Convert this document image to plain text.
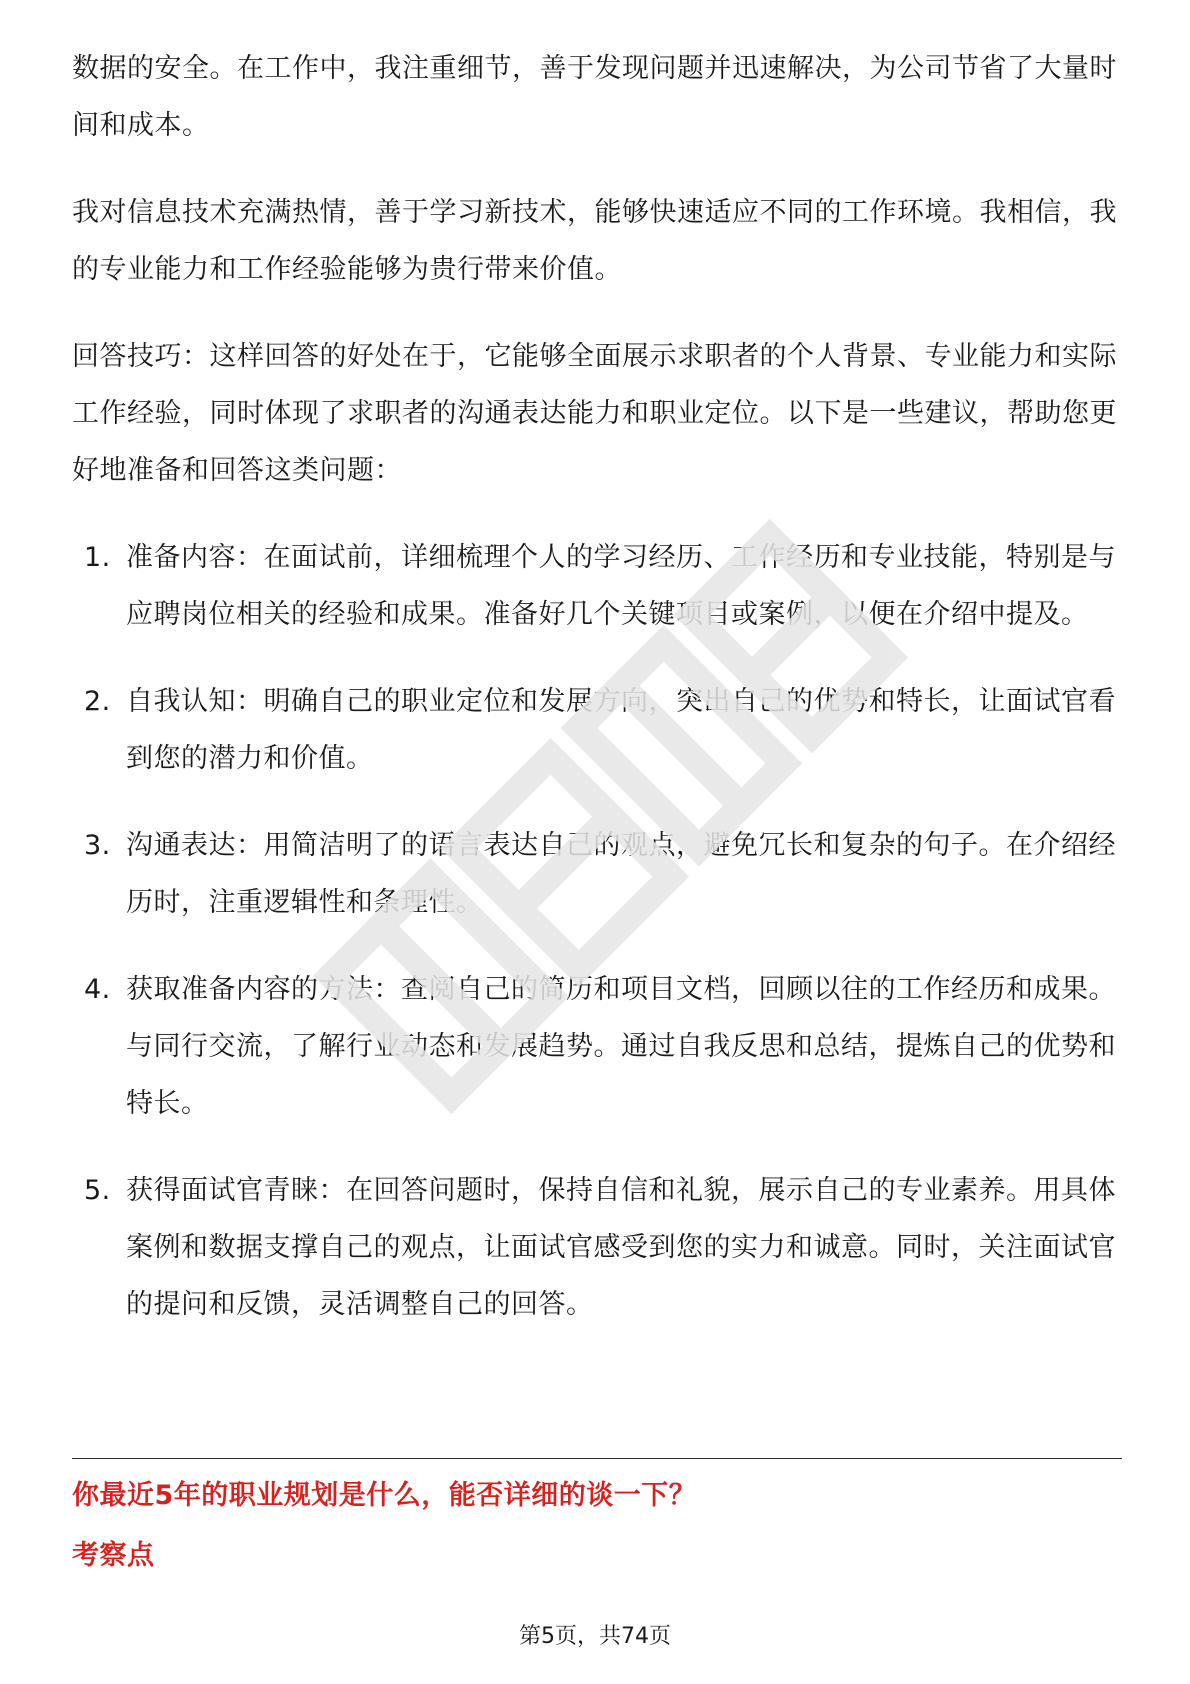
数据的安全。在工作中，我注重细节，善于发现问题并迅速解决，为公司节省了大量时间和成本。

我对信息技术充满热情，善于学习新技术，能够快速适应不同的工作环境。我相信，我的专业能力和工作经验能够为贵行带来价值。

回答技巧：这样回答的好处在于，它能够全面展示求职者的个人背景、专业能力和实际工作经验，同时体现了求职者的沟通表达能力和职业定位。以下是一些建议，帮助您更好地准备和回答这类问题：

1. 准备内容：在面试前，详细梳理个人的学习经历、工作经历和专业技能，特别是与应聘岗位相关的经验和成果。准备好几个关键项目或案例，以便在介绍中提及。
2. 自我认知：明确自己的职业定位和发展方向，突出自己的优势和特长，让面试官看到您的潜力和价值。
3. 沟通表达：用简洁明了的语言表达自己的观点，避免冗长和复杂的句子。在介绍经历时，注重逻辑性和条理性。
4. 获取准备内容的方法：查阅自己的简历和项目文档，回顾以往的工作经历和成果。与同行交流，了解行业动态和发展趋势。通过自我反思和总结，提炼自己的优势和特长。
5. 获得面试官青睐：在回答问题时，保持自信和礼貌，展示自己的专业素养。用具体案例和数据支撑自己的观点，让面试官感受到您的实力和诚意。同时，关注面试官的提问和反馈，灵活调整自己的回答。
你最近5年的职业规划是什么，能否详细的谈一下？
考察点
第5页，共74页
